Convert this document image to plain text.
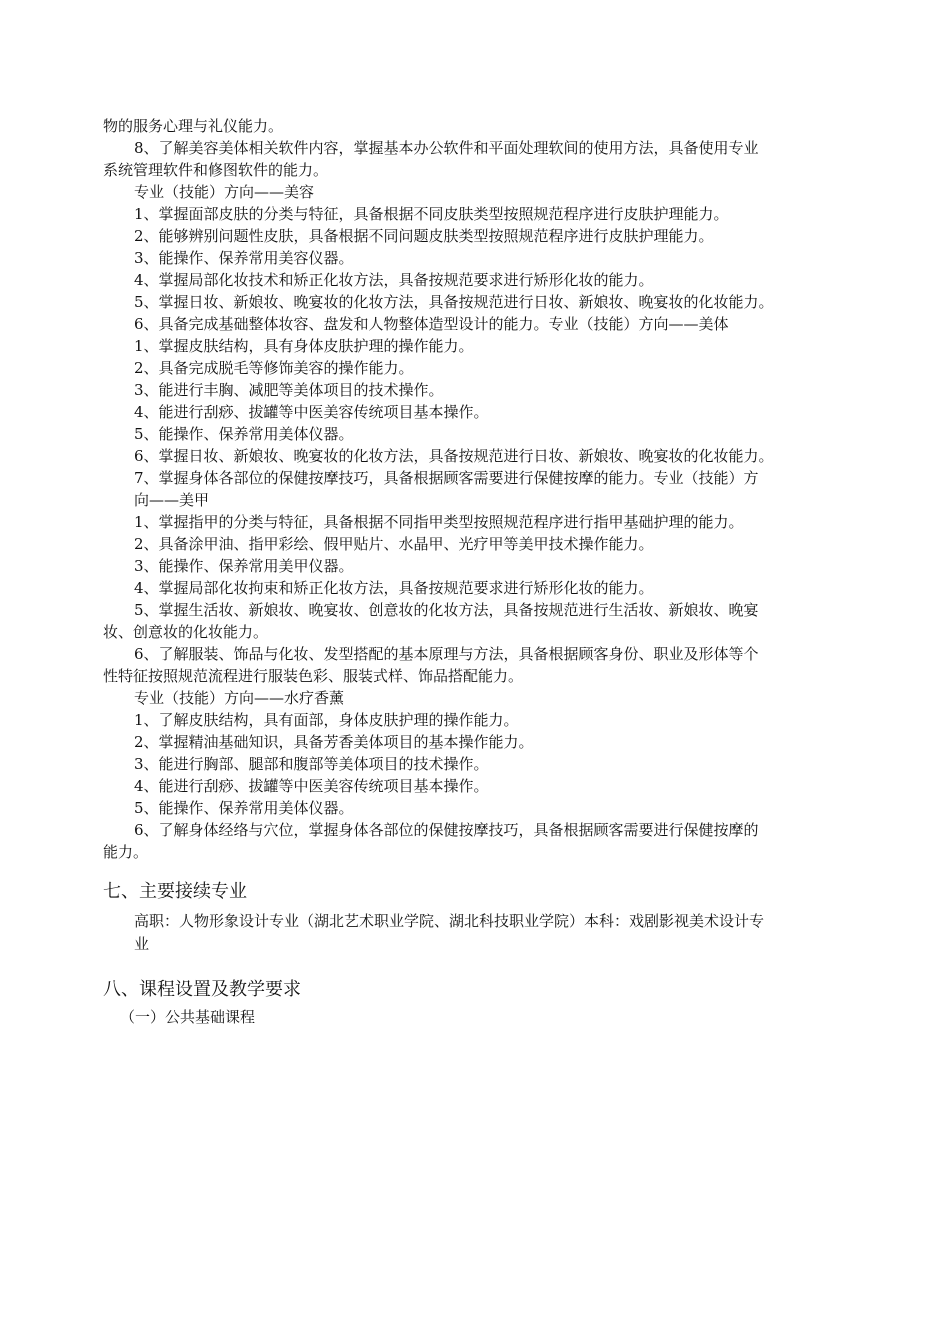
物的服务心理与礼仪能力。
8、了解美容美体相关软件内容，掌握基本办公软件和平面处理软间的使用方法，具备使用专业
系统管理软件和修图软件的能力。
专业（技能）方向——美容
1、掌握面部皮肤的分类与特征，具备根据不同皮肤类型按照规范程序进行皮肤护理能力。
2、能够辨别问题性皮肤，具备根据不同问题皮肤类型按照规范程序进行皮肤护理能力。
3、能操作、保养常用美容仪器。
4、掌握局部化妆技术和矫正化妆方法，具备按规范要求进行矫形化妆的能力。
5、掌握日妆、新娘妆、晚宴妆的化妆方法，具备按规范进行日妆、新娘妆、晚宴妆的化妆能力。
6、具备完成基础整体妆容、盘发和人物整体造型设计的能力。专业（技能）方向——美体
1、掌握皮肤结构，具有身体皮肤护理的操作能力。
2、具备完成脱毛等修饰美容的操作能力。
3、能进行丰胸、减肥等美体项目的技术操作。
4、能进行刮痧、拔罐等中医美容传统项目基本操作。
5、能操作、保养常用美体仪器。
6、掌握日妆、新娘妆、晚宴妆的化妆方法，具备按规范进行日妆、新娘妆、晚宴妆的化妆能力。
7、掌握身体各部位的保健按摩技巧，具备根据顾客需要进行保健按摩的能力。专业（技能）方
向——美甲
1、掌握指甲的分类与特征，具备根据不同指甲类型按照规范程序进行指甲基础护理的能力。
2、具备涂甲油、指甲彩绘、假甲贴片、水晶甲、光疗甲等美甲技术操作能力。
3、能操作、保养常用美甲仪器。
4、掌握局部化妆拘束和矫正化妆方法，具备按规范要求进行矫形化妆的能力。
5、掌握生活妆、新娘妆、晚宴妆、创意妆的化妆方法，具备按规范进行生活妆、新娘妆、晚宴
妆、创意妆的化妆能力。
6、了解服装、饰品与化妆、发型搭配的基本原理与方法，具备根据顾客身份、职业及形体等个
性特征按照规范流程进行服装色彩、服装式样、饰品搭配能力。
专业（技能）方向——水疗香薰
1、了解皮肤结构，具有面部，身体皮肤护理的操作能力。
2、掌握精油基础知识，具备芳香美体项目的基本操作能力。
3、能进行胸部、腿部和腹部等美体项目的技术操作。
4、能进行刮痧、拔罐等中医美容传统项目基本操作。
5、能操作、保养常用美体仪器。
6、了解身体经络与穴位，掌握身体各部位的保健按摩技巧，具备根据顾客需要进行保健按摩的
能力。
七、主要接续专业
高职：人物形象设计专业（湖北艺术职业学院、湖北科技职业学院）本科：戏剧影视美术设计专
业
八、课程设置及教学要求
（一）公共基础课程
